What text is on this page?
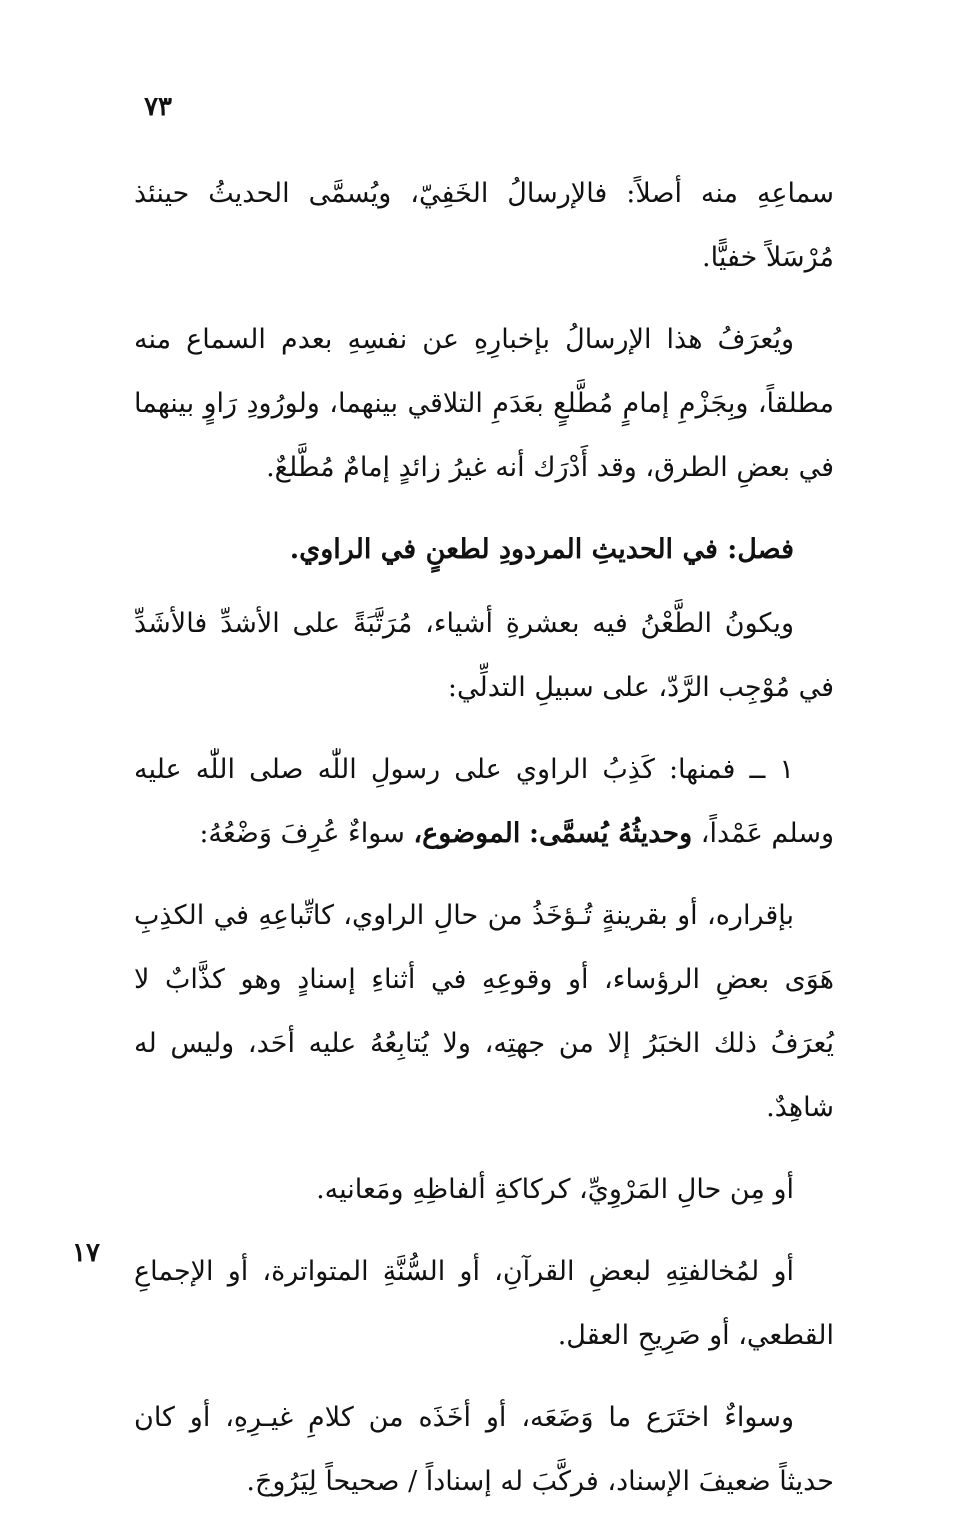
٧٣

سماعِهِ منه أصلاً: فالإرسالُ الخَفِيّ، ويُسمَّى الحديثُ حينئذ مُرْسَلاً خفيًّا.

ويُعرَفُ هذا الإرسالُ بإخبارِهِ عن نفسِهِ بعدم السماع منه مطلقاً، وبِجَزْمِ إمامٍ مُطَّلعٍ بعَدَمِ التلاقي بينهما، ولورُودِ رَاوٍ بينهما في بعضِ الطرق، وقد أَدْرَك أنه غيرُ زائدٍ إمامٌ مُطَّلعٌ.

فصل: في الحديثِ المردودِ لطعنٍ في الراوي.

ويكونُ الطَّعْنُ فيه بعشرةِ أشياء، مُرَتَّبَةً على الأشدِّ فالأشَدِّ في مُوْجِب الرَّدّ، على سبيلِ التدلِّي:

١ ــ فمنها: كَذِبُ الراوي على رسولِ اللّٰه صلى اللّٰه عليه وسلم عَمْداً، وحديثُهُ يُسمَّى: الموضوع، سواءٌ عُرِفَ وَضْعُهُ:

بإقراره، أو بقرينةٍ تُـؤخَذُ من حالِ الراوي، كاتِّباعِهِ في الكذِبِ هَوَى بعضِ الرؤساء، أو وقوعِهِ في أثناءِ إسنادٍ وهو كذَّابٌ لا يُعرَفُ ذلك الخبَرُ إلا من جهتِه، ولا يُتابِعُهُ عليه أحَد، وليس له شاهِدٌ.

أو مِن حالِ المَرْوِيِّ، كركاكةِ ألفاظِهِ ومَعانيه.

أو لمُخالفتِهِ لبعضِ القرآنِ، أو السُّنَّةِ المتواترة، أو الإجماعِ القطعي، أو صَرِيحِ العقل.

وسواءٌ اختَرَع ما وَضَعَه، أو أخَذَه من كلامِ غيـرِهِ، أو كان حديثاً ضعيفَ الإسناد، فركَّبَ له إسناداً / صحيحاً لِيَرُوجَ.

١٧
